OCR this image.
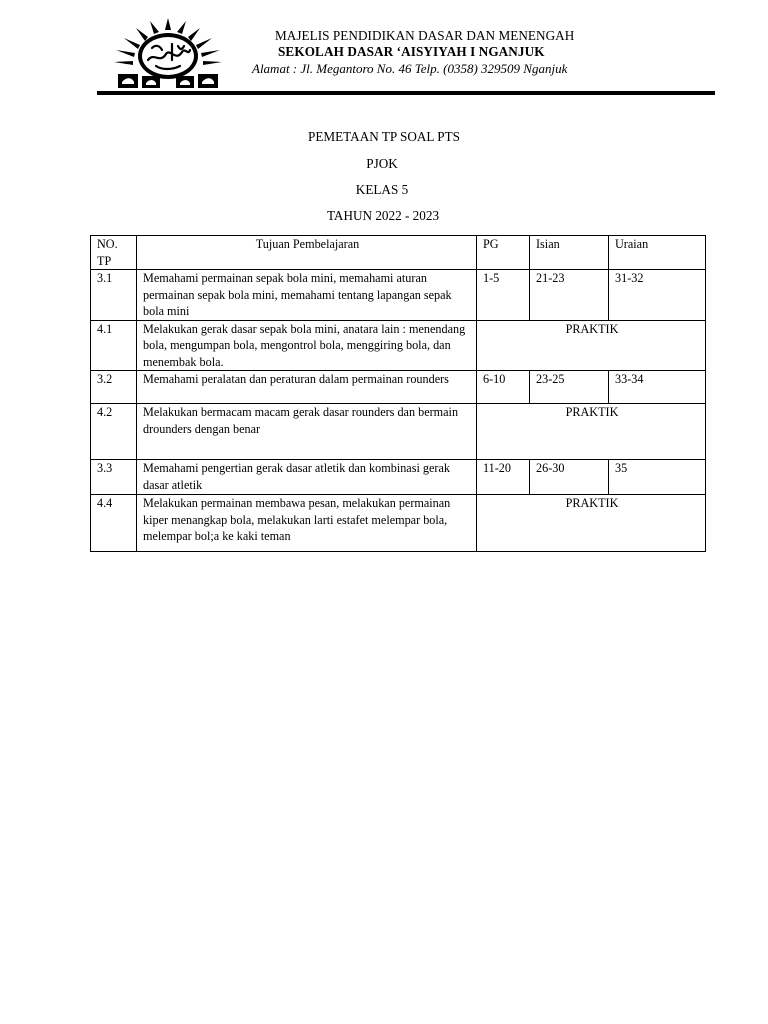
MAJELIS PENDIDIKAN DASAR DAN MENENGAH
SEKOLAH DASAR ‘AISYIYAH I NGANJUK
Alamat : Jl. Megantoro No. 46 Telp. (0358) 329509 Nganjuk
PEMETAAN TP SOAL PTS
PJOK
KELAS 5
TAHUN 2022 - 2023
NO. TP	Tujuan Pembelajaran	PG	Isian	Uraian
3.1	Memahami permainan sepak bola mini, memahami aturan permainan sepak bola mini, memahami tentang lapangan sepak bola mini	1-5	21-23	31-32
4.1	Melakukan gerak dasar sepak bola mini, anatara lain : menendang bola, mengumpan bola, mengontrol bola, menggiring bola, dan menembak bola.	PRAKTIK		
3.2	Memahami peralatan dan peraturan dalam permainan rounders	6-10	23-25	33-34
4.2	Melakukan bermacam macam gerak dasar rounders dan bermain drounders dengan benar	PRAKTIK		
3.3	Memahami pengertian gerak dasar atletik dan kombinasi gerak dasar atletik	11-20	26-30	35
4.4	Melakukan permainan membawa pesan, melakukan permainan kiper menangkap bola, melakukan larti estafet melempar bola, melempar bol;a ke kaki teman	PRAKTIK		
